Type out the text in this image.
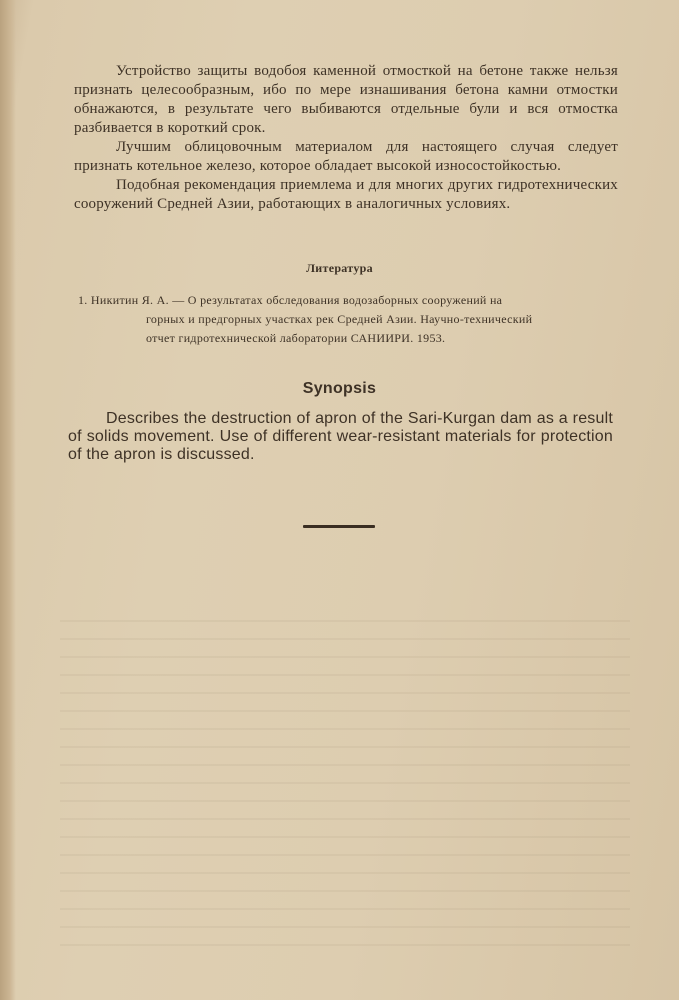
Устройство защиты водобоя каменной отмосткой на бетоне также нельзя признать целесообразным, ибо по мере изнашивания бетона камни отмостки обнажаются, в результате чего выбиваются отдельные були и вся отмостка разбивается в короткий срок.

Лучшим облицовочным материалом для настоящего случая следует признать котельное железо, которое обладает высокой износостойкостью.

Подобная рекомендация приемлема и для многих других гидротехнических сооружений Средней Азии, работающих в аналогичных условиях.

Литература
1. Никитин Я. А. — О результатах обследования водозаборных сооружений на
горных и предгорных участках рек Средней Азии. Научно-технический
отчет гидротехнической лаборатории САНИИРИ. 1953.
Synopsis
Describes the destruction of apron of the Sari-Kurgan dam as a result of solids movement. Use of different wear-resistant materials for protection of the apron is discussed.
